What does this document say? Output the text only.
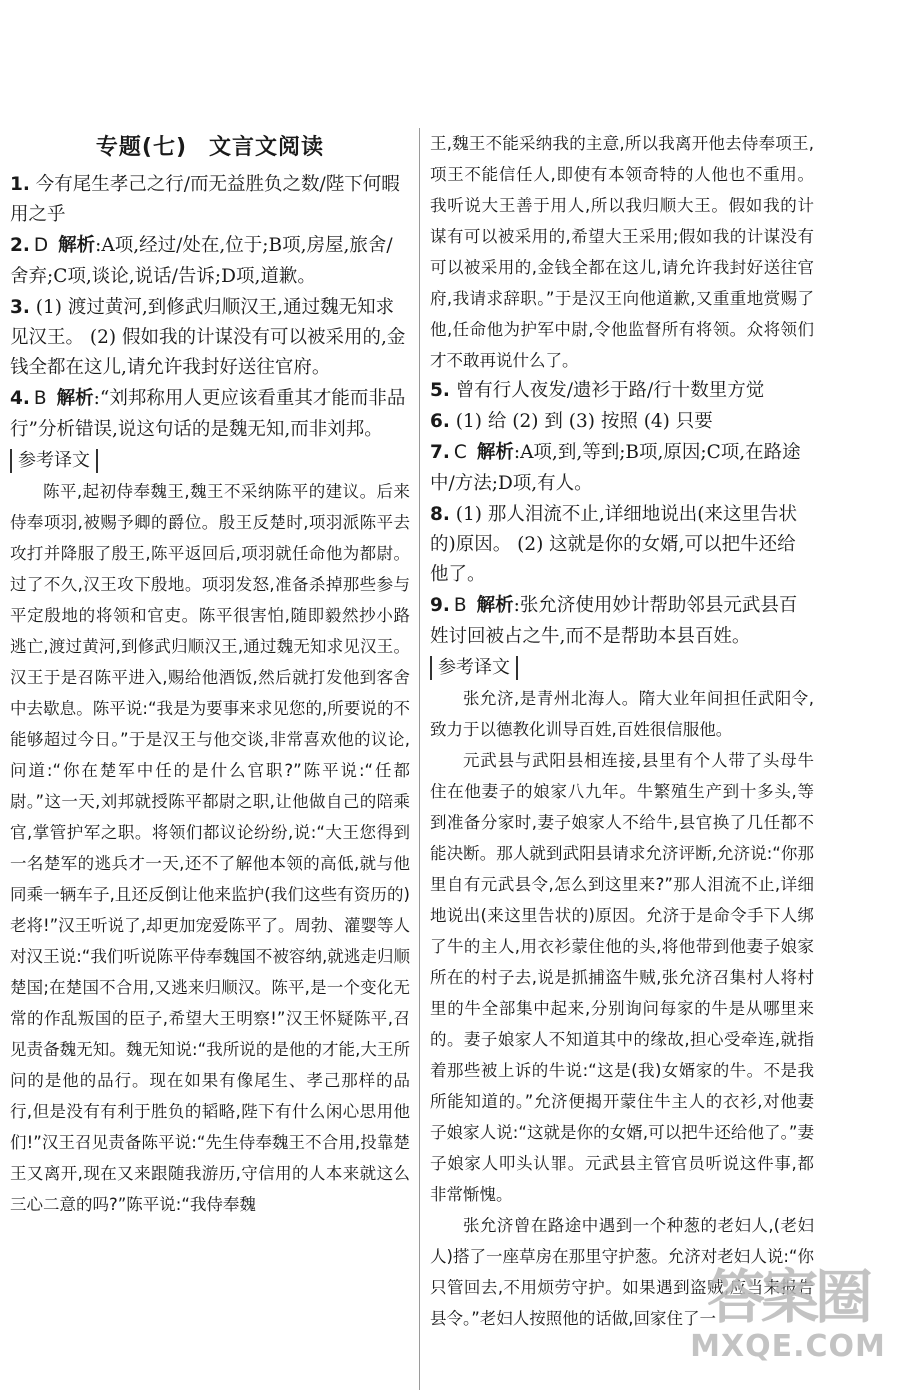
专题(七) 文言文阅读
1. 今有尾生孝己之行/而无益胜负之数/陛下何暇用之乎
2. D 解析:A项,经过/处在,位于;B项,房屋,旅舍/舍弃;C项,谈论,说话/告诉;D项,道歉。
3. (1) 渡过黄河,到修武归顺汉王,通过魏无知求见汉王。 (2) 假如我的计谋没有可以被采用的,金钱全都在这儿,请允许我封好送往官府。
4. B 解析:“刘邦称用人更应该看重其才能而非品行”分析错误,说这句话的是魏无知,而非刘邦。
参考译文

陈平,起初侍奉魏王,魏王不采纳陈平的建议。后来侍奉项羽,被赐予卿的爵位。殷王反楚时,项羽派陈平去攻打并降服了殷王,陈平返回后,项羽就任命他为都尉。过了不久,汉王攻下殷地。项羽发怒,准备杀掉那些参与平定殷地的将领和官吏。陈平很害怕,随即毅然抄小路逃亡,渡过黄河,到修武归顺汉王,通过魏无知求见汉王。汉王于是召陈平进入,赐给他酒饭,然后就打发他到客舍中去歇息。陈平说:“我是为要事来求见您的,所要说的不能够超过今日。”于是汉王与他交谈,非常喜欢他的议论,问道:“你在楚军中任的是什么官职?”陈平说:“任都尉。”这一天,刘邦就授陈平都尉之职,让他做自己的陪乘官,掌管护军之职。将领们都议论纷纷,说:“大王您得到一名楚军的逃兵才一天,还不了解他本领的高低,就与他同乘一辆车子,且还反倒让他来监护(我们这些有资历的)老将!”汉王听说了,却更加宠爱陈平了。周勃、灌婴等人对汉王说:“我们听说陈平侍奉魏国不被容纳,就逃走归顺楚国;在楚国不合用,又逃来归顺汉。陈平,是一个变化无常的作乱叛国的臣子,希望大王明察!”汉王怀疑陈平,召见责备魏无知。魏无知说:“我所说的是他的才能,大王所问的是他的品行。现在如果有像尾生、孝己那样的品行,但是没有有利于胜负的韬略,陛下有什么闲心思用他们!”汉王召见责备陈平说:“先生侍奉魏王不合用,投靠楚王又离开,现在又来跟随我游历,守信用的人本来就这么三心二意的吗?”陈平说:“我侍奉魏

王,魏王不能采纳我的主意,所以我离开他去侍奉项王,项王不能信任人,即使有本领奇特的人他也不重用。我听说大王善于用人,所以我归顺大王。假如我的计谋有可以被采用的,希望大王采用;假如我的计谋没有可以被采用的,金钱全都在这儿,请允许我封好送往官府,我请求辞职。”于是汉王向他道歉,又重重地赏赐了他,任命他为护军中尉,令他监督所有将领。众将领们才不敢再说什么了。

5. 曾有行人夜发/遗衫于路/行十数里方觉
6. (1) 给 (2) 到 (3) 按照 (4) 只要
7. C 解析:A项,到,等到;B项,原因;C项,在路途中/方法;D项,有人。
8. (1) 那人泪流不止,详细地说出(来这里告状的)原因。 (2) 这就是你的女婿,可以把牛还给他了。
9. B 解析:张允济使用妙计帮助邻县元武县百姓讨回被占之牛,而不是帮助本县百姓。
参考译文

张允济,是青州北海人。隋大业年间担任武阳令,致力于以德教化训导百姓,百姓很信服他。

元武县与武阳县相连接,县里有个人带了头母牛住在他妻子的娘家八九年。牛繁殖生产到十多头,等到准备分家时,妻子娘家人不给牛,县官换了几任都不能决断。那人就到武阳县请求允济评断,允济说:“你那里自有元武县令,怎么到这里来?”那人泪流不止,详细地说出(来这里告状的)原因。允济于是命令手下人绑了牛的主人,用衣衫蒙住他的头,将他带到他妻子娘家所在的村子去,说是抓捕盗牛贼,张允济召集村人将村里的牛全部集中起来,分别询问每家的牛是从哪里来的。妻子娘家人不知道其中的缘故,担心受牵连,就指着那些被上诉的牛说:“这是(我)女婿家的牛。不是我所能知道的。”允济便揭开蒙住牛主人的衣衫,对他妻子娘家人说:“这就是你的女婿,可以把牛还给他了。”妻子娘家人叩头认罪。元武县主管官员听说这件事,都非常惭愧。

张允济曾在路途中遇到一个种葱的老妇人,(老妇人)搭了一座草房在那里守护葱。允济对老妇人说:“你只管回去,不用烦劳守护。如果遇到盗贼,应当来报告县令。”老妇人按照他的话做,回家住了一

答案圈
MXQE.COM
